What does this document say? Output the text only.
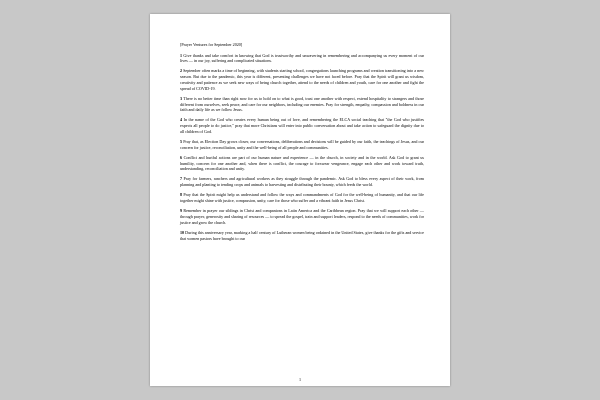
[Prayer Ventures for September 2020]
1 Give thanks and take comfort in knowing that God is trustworthy and unwavering in remembering and accompanying us every moment of our lives — in our joy, suffering and complicated situations.
2 September often marks a time of beginning, with students starting school, congregations launching programs and creation transitioning into a new season. But due to the pandemic, this year is different, presenting challenges we have not faced before. Pray that the Spirit will grant us wisdom, creativity and patience as we seek new ways of being church together, attend to the needs of children and youth, care for one another and fight the spread of COVID-19.
3 There is no better time than right now for us to hold on to what is good, trust one another with respect, extend hospitality to strangers and those different from ourselves, seek peace, and care for our neighbors, including our enemies. Pray for strength, empathy, compassion and boldness in our faith and daily life as we follow Jesus.
4 In the name of the God who creates every human being out of love, and remembering the ELCA social teaching that "the God who justifies expects all people to do justice," pray that more Christians will enter into public conversation about and take action to safeguard the dignity due to all children of God.
5 Pray that, as Election Day grows closer, our conversations, deliberations and decisions will be guided by our faith, the teachings of Jesus, and our concern for justice, reconciliation, unity and the well-being of all people and communities.
6 Conflict and hurtful actions are part of our human nature and experience — in the church, in society and in the world. Ask God to grant us humility, concern for one another and, when there is conflict, the courage to forswear vengeance, engage each other and work toward truth, understanding, reconciliation and unity.
7 Pray for farmers, ranchers and agricultural workers as they struggle through the pandemic. Ask God to bless every aspect of their work, from planning and planting to tending crops and animals to harvesting and distributing their bounty, which feeds the world.
8 Pray that the Spirit might help us understand and follow the ways and commandments of God for the well-being of humanity, and that our life together might shine with justice, compassion, unity, care for those who suffer and a vibrant faith in Jesus Christ.
9 Remember in prayer our siblings in Christ and companions in Latin America and the Caribbean region. Pray that we will support each other — through prayer, generosity and sharing of resources — to spread the gospel, train and support leaders, respond to the needs of communities, work for justice and grow the church.
10 During this anniversary year, marking a half century of Lutheran women being ordained in the United States, give thanks for the gifts and service that women pastors have brought to our
1
